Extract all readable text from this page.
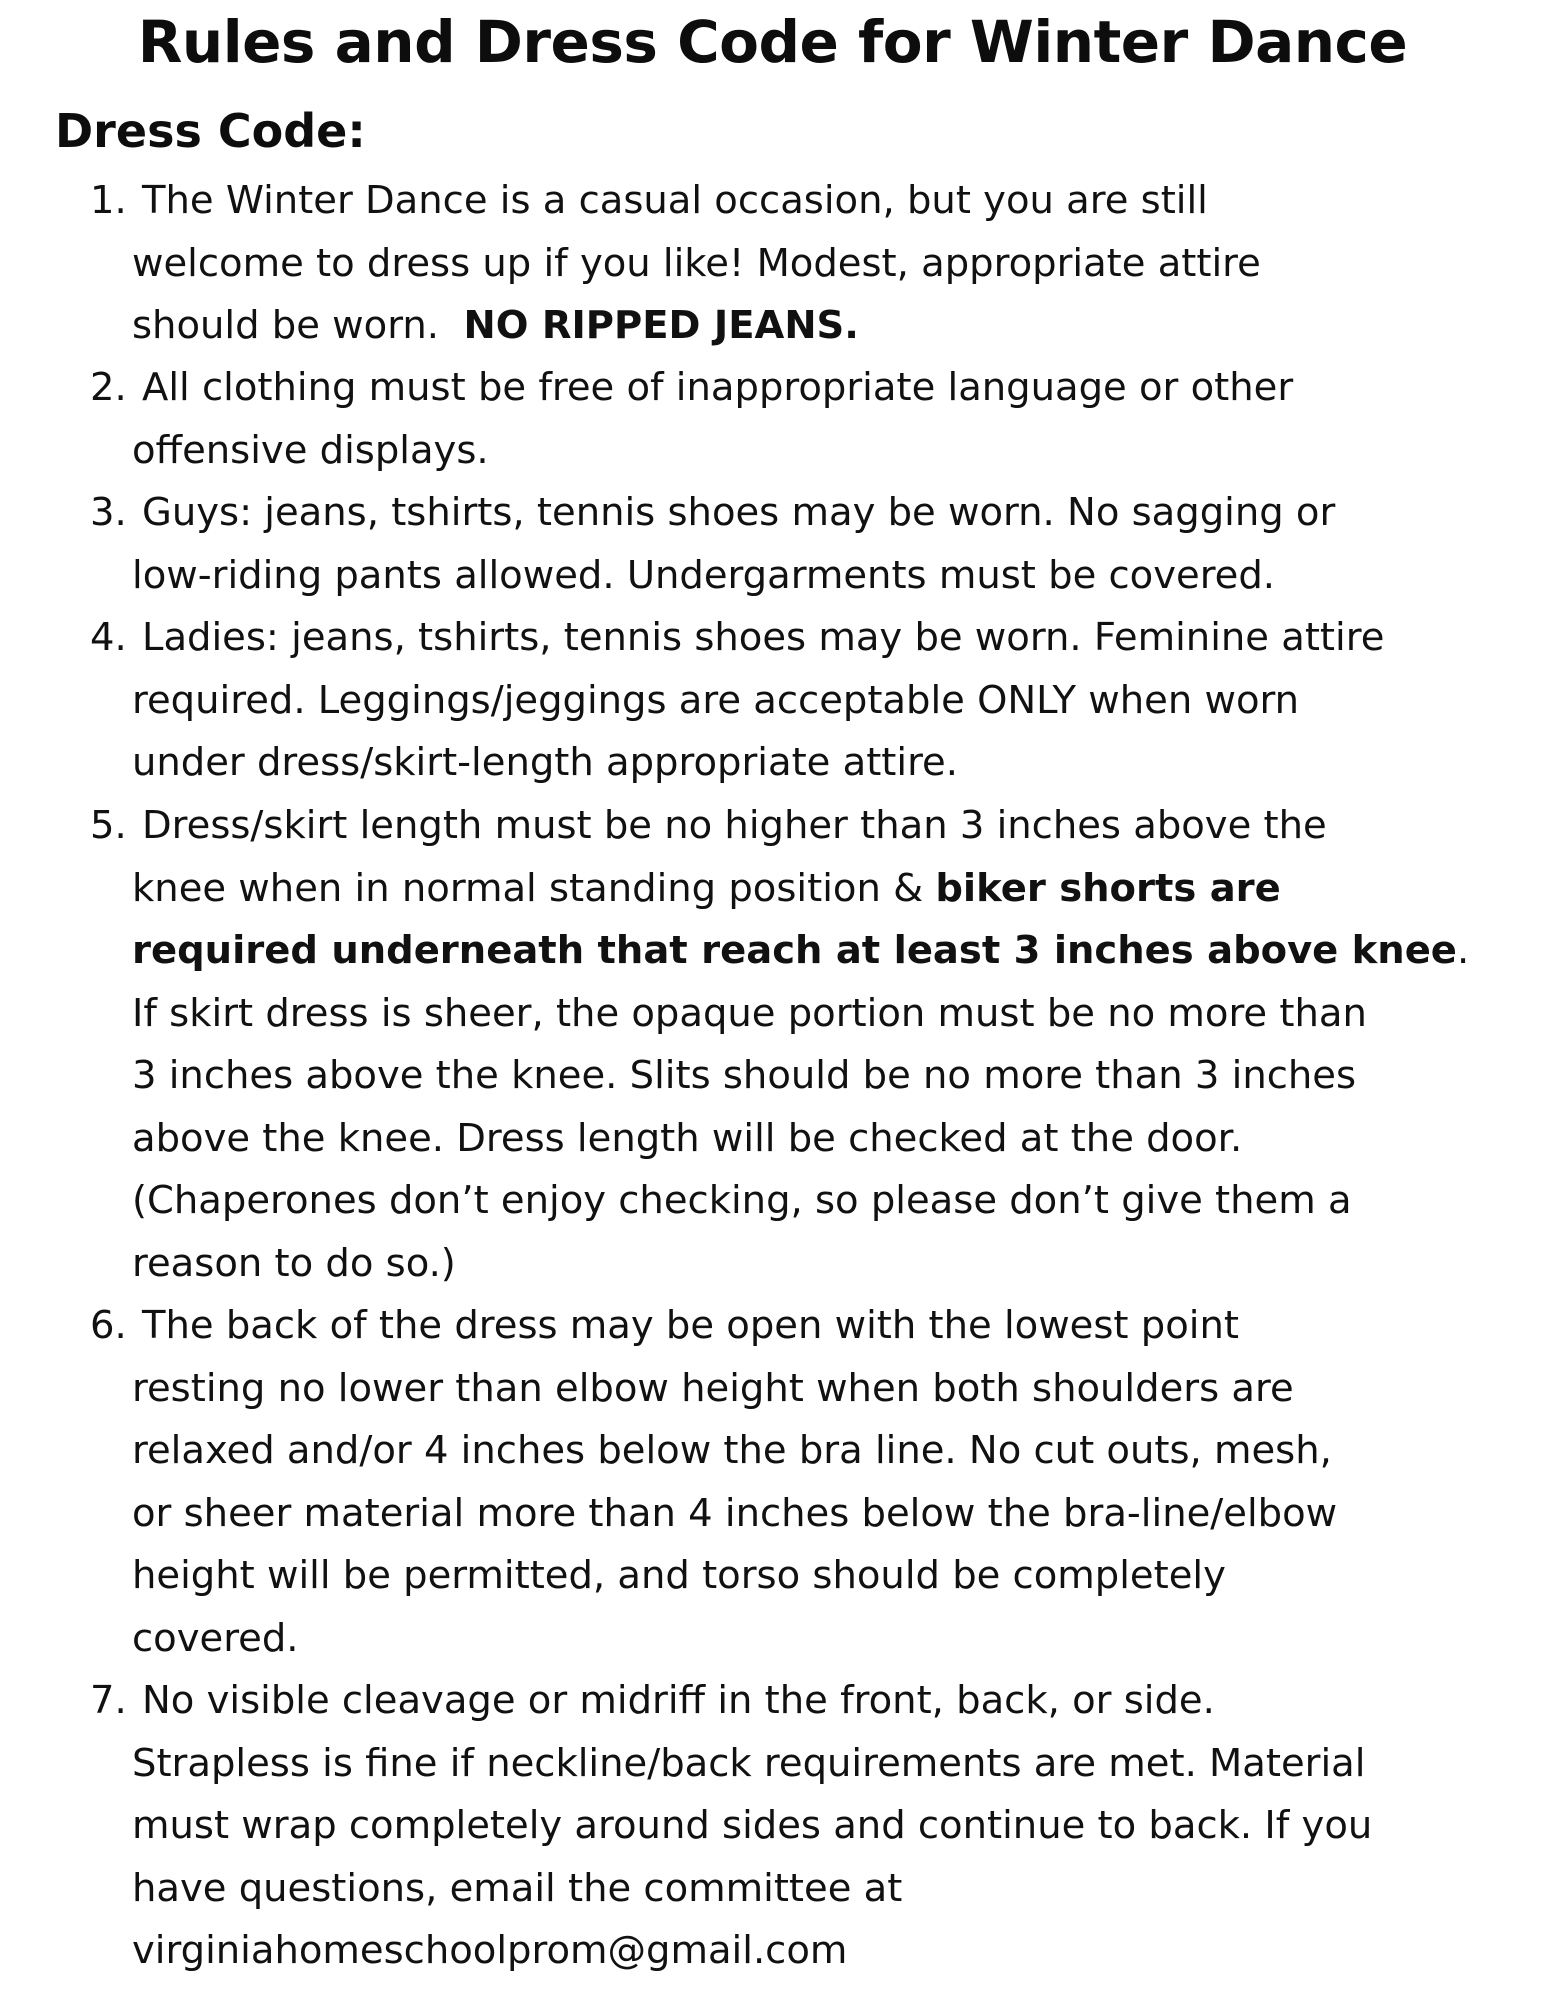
Rules and Dress Code for Winter Dance
Dress Code:
1. The Winter Dance is a casual occasion, but you are still
welcome to dress up if you like! Modest, appropriate attire
should be worn. NO RIPPED JEANS.
2. All clothing must be free of inappropriate language or other
offensive displays.
3. Guys: jeans, tshirts, tennis shoes may be worn. No sagging or
low-riding pants allowed. Undergarments must be covered.
4. Ladies: jeans, tshirts, tennis shoes may be worn. Feminine attire
required. Leggings/jeggings are acceptable ONLY when worn
under dress/skirt-length appropriate attire.
5. Dress/skirt length must be no higher than 3 inches above the
knee when in normal standing position & biker shorts are
required underneath that reach at least 3 inches above knee.
If skirt dress is sheer, the opaque portion must be no more than
3 inches above the knee. Slits should be no more than 3 inches
above the knee. Dress length will be checked at the door.
(Chaperones don’t enjoy checking, so please don’t give them a
reason to do so.)
6. The back of the dress may be open with the lowest point
resting no lower than elbow height when both shoulders are
relaxed and/or 4 inches below the bra line. No cut outs, mesh,
or sheer material more than 4 inches below the bra-line/elbow
height will be permitted, and torso should be completely
covered.
7. No visible cleavage or midriff in the front, back, or side.
Strapless is fine if neckline/back requirements are met. Material
must wrap completely around sides and continue to back. If you
have questions, email the committee at
virginiahomeschoolprom@gmail.com
